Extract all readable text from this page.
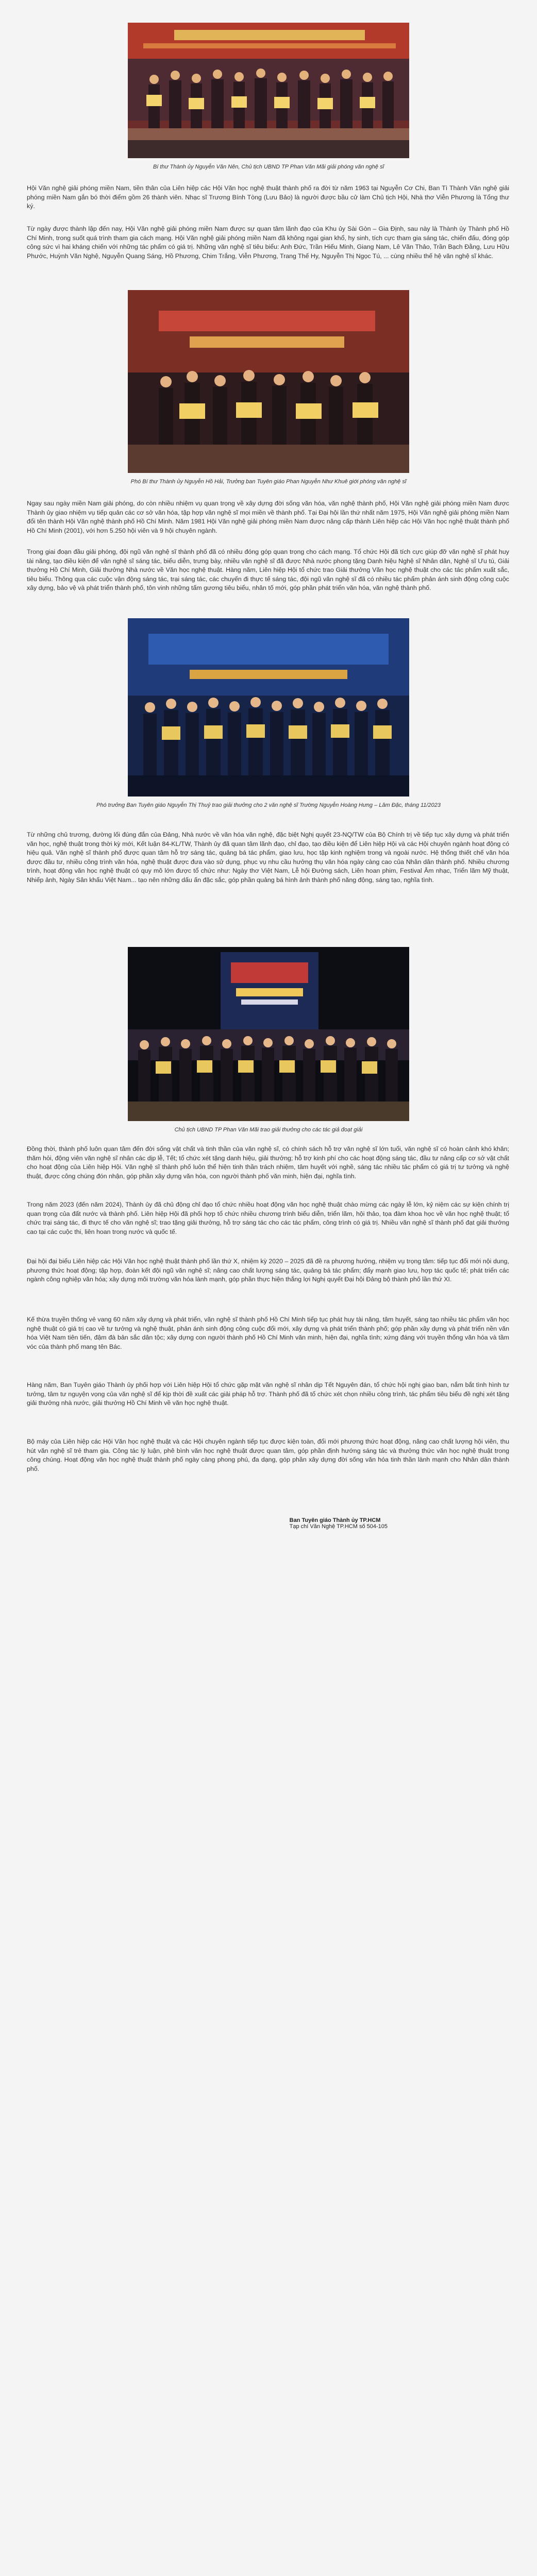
Bí thư Thành ủy Nguyễn Văn Nên, Chủ tịch UBND TP Phan Văn Mãi giải phóng văn nghệ sĩ

Hội Văn nghệ giải phóng miền Nam, tiền thân của Liên hiệp các Hội Văn học nghệ thuật thành phố ra đời từ năm 1963 tại Nguyễn Cơ Chi, Ban Tì Thành Văn nghệ giải phóng miền Nam gắn bó thời điểm gồm 26 thành viên. Nhạc sĩ Trương Bính Tòng (Lưu Bảo) là người được bầu cử làm Chủ tịch Hội, Nhà thơ Viễn Phương là Tổng thư ký.

Từ ngày được thành lập đến nay, Hội Văn nghệ giải phóng miền Nam được sự quan tâm lãnh đạo của Khu ủy Sài Gòn – Gia Định, sau này là Thành ủy Thành phố Hồ Chí Minh, trong suốt quá trình tham gia cách mạng. Hội Văn nghệ giải phóng miền Nam đã không ngại gian khổ, hy sinh, tích cực tham gia sáng tác, chiến đấu, đóng góp công sức vì hai kháng chiến với những tác phẩm có giá trị. Những văn nghệ sĩ tiêu biểu: Anh Đức, Trần Hiếu Minh, Giang Nam, Lê Văn Thảo, Trần Bạch Đằng, Lưu Hữu Phước, Huỳnh Văn Nghệ, Nguyễn Quang Sáng, Hồ Phương, Chim Trắng, Viễn Phương, Trang Thế Hy, Nguyễn Thị Ngọc Tú, ... cùng nhiều thế hệ văn nghệ sĩ khác.

Phó Bí thư Thành ủy Nguyễn Hồ Hải, Trưởng ban Tuyên giáo Phan Nguyễn Như Khuê giới phóng văn nghệ sĩ

Ngay sau ngày miền Nam giải phóng, do còn nhiều nhiệm vụ quan trọng về xây dựng đời sống văn hóa, văn nghệ thành phố, Hội Văn nghệ giải phóng miền Nam được Thành ủy giao nhiệm vụ tiếp quản các cơ sở văn hóa, tập hợp văn nghệ sĩ mọi miền về thành phố. Tại Đại hội lần thứ nhất năm 1975, Hội Văn nghệ giải phóng miền Nam đổi tên thành Hội Văn nghệ thành phố Hồ Chí Minh. Năm 1981 Hội Văn nghệ giải phóng miền Nam được nâng cấp thành Liên hiệp các Hội Văn học nghệ thuật thành phố Hồ Chí Minh (2001), với hơn 5.250 hội viên và 9 hội chuyên ngành.

Trong giai đoạn đầu giải phóng, đội ngũ văn nghệ sĩ thành phố đã có nhiều đóng góp quan trọng cho cách mạng. Tổ chức Hội đã tích cực giúp đỡ văn nghệ sĩ phát huy tài năng, tạo điều kiện để văn nghệ sĩ sáng tác, biểu diễn, trưng bày, nhiều văn nghệ sĩ đã được Nhà nước phong tặng Danh hiệu Nghệ sĩ Nhân dân, Nghệ sĩ Ưu tú, Giải thưởng Hồ Chí Minh, Giải thưởng Nhà nước về Văn học nghệ thuật. Hàng năm, Liên hiệp Hội tổ chức trao Giải thưởng Văn học nghệ thuật cho các tác phẩm xuất sắc, tiêu biểu. Thông qua các cuộc vận động sáng tác, trại sáng tác, các chuyến đi thực tế sáng tác, đội ngũ văn nghệ sĩ đã có nhiều tác phẩm phản ánh sinh động công cuộc xây dựng, bảo vệ và phát triển thành phố, tôn vinh những tấm gương tiêu biểu, nhân tố mới, góp phần phát triển văn hóa, văn nghệ thành phố.

Phó trưởng Ban Tuyên giáo Nguyễn Thị Thuỷ trao giải thưởng cho 2 văn nghệ sĩ Trường Nguyễn Hoàng Hưng – Lâm Đặc, tháng 11/2023

Từ những chủ trương, đường lối đúng đắn của Đảng, Nhà nước về văn hóa văn nghệ, đặc biệt Nghị quyết 23-NQ/TW của Bộ Chính trị về tiếp tục xây dựng và phát triển văn học, nghệ thuật trong thời kỳ mới, Kết luận 84-KL/TW, Thành ủy đã quan tâm lãnh đạo, chỉ đạo, tạo điều kiện để Liên hiệp Hội và các Hội chuyên ngành hoạt động có hiệu quả. Văn nghệ sĩ thành phố được quan tâm hỗ trợ sáng tác, quảng bá tác phẩm, giao lưu, học tập kinh nghiệm trong và ngoài nước. Hệ thống thiết chế văn hóa được đầu tư, nhiều công trình văn hóa, nghệ thuật được đưa vào sử dụng, phục vụ nhu cầu hưởng thụ văn hóa ngày càng cao của Nhân dân thành phố. Nhiều chương trình, hoạt động văn học nghệ thuật có quy mô lớn được tổ chức như: Ngày thơ Việt Nam, Lễ hội Đường sách, Liên hoan phim, Festival Âm nhạc, Triển lãm Mỹ thuật, Nhiếp ảnh, Ngày Sân khấu Việt Nam... tạo nên những dấu ấn đặc sắc, góp phần quảng bá hình ảnh thành phố năng động, sáng tạo, nghĩa tình.

Chủ tịch UBND TP Phan Văn Mãi trao giải thưởng cho các tác giả đoạt giải

Đồng thời, thành phố luôn quan tâm đến đời sống vật chất và tinh thần của văn nghệ sĩ, có chính sách hỗ trợ văn nghệ sĩ lớn tuổi, văn nghệ sĩ có hoàn cảnh khó khăn; thăm hỏi, động viên văn nghệ sĩ nhân các dịp lễ, Tết; tổ chức xét tặng danh hiệu, giải thưởng; hỗ trợ kinh phí cho các hoạt động sáng tác, đầu tư nâng cấp cơ sở vật chất cho hoạt động của Liên hiệp Hội. Văn nghệ sĩ thành phố luôn thể hiện tinh thần trách nhiệm, tâm huyết với nghề, sáng tác nhiều tác phẩm có giá trị tư tưởng và nghệ thuật, được công chúng đón nhận, góp phần xây dựng văn hóa, con người thành phố văn minh, hiện đại, nghĩa tình.

Trong năm 2023 (đến năm 2024), Thành ủy đã chủ động chỉ đạo tổ chức nhiều hoạt động văn học nghệ thuật chào mừng các ngày lễ lớn, kỷ niệm các sự kiện chính trị quan trọng của đất nước và thành phố. Liên hiệp Hội đã phối hợp tổ chức nhiều chương trình biểu diễn, triển lãm, hội thảo, tọa đàm khoa học về văn học nghệ thuật; tổ chức trại sáng tác, đi thực tế cho văn nghệ sĩ; trao tặng giải thưởng, hỗ trợ sáng tác cho các tác phẩm, công trình có giá trị. Nhiều văn nghệ sĩ thành phố đạt giải thưởng cao tại các cuộc thi, liên hoan trong nước và quốc tế.

Đại hội đại biểu Liên hiệp các Hội Văn học nghệ thuật thành phố lần thứ X, nhiệm kỳ 2020 – 2025 đã đề ra phương hướng, nhiệm vụ trọng tâm: tiếp tục đổi mới nội dung, phương thức hoạt động; tập hợp, đoàn kết đội ngũ văn nghệ sĩ; nâng cao chất lượng sáng tác, quảng bá tác phẩm; đẩy mạnh giao lưu, hợp tác quốc tế; phát triển các ngành công nghiệp văn hóa; xây dựng môi trường văn hóa lành mạnh, góp phần thực hiện thắng lợi Nghị quyết Đại hội Đảng bộ thành phố lần thứ XI.

Kế thừa truyền thống vẻ vang 60 năm xây dựng và phát triển, văn nghệ sĩ thành phố Hồ Chí Minh tiếp tục phát huy tài năng, tâm huyết, sáng tạo nhiều tác phẩm văn học nghệ thuật có giá trị cao về tư tưởng và nghệ thuật, phản ánh sinh động công cuộc đổi mới, xây dựng và phát triển thành phố; góp phần xây dựng và phát triển nền văn hóa Việt Nam tiên tiến, đậm đà bản sắc dân tộc; xây dựng con người thành phố Hồ Chí Minh văn minh, hiện đại, nghĩa tình; xứng đáng với truyền thống văn hóa và tầm vóc của thành phố mang tên Bác.

Hàng năm, Ban Tuyên giáo Thành ủy phối hợp với Liên hiệp Hội tổ chức gặp mặt văn nghệ sĩ nhân dịp Tết Nguyên đán, tổ chức hội nghị giao ban, nắm bắt tình hình tư tưởng, tâm tư nguyện vọng của văn nghệ sĩ để kịp thời đề xuất các giải pháp hỗ trợ. Thành phố đã tổ chức xét chọn nhiều công trình, tác phẩm tiêu biểu đề nghị xét tặng giải thưởng nhà nước, giải thưởng Hồ Chí Minh về văn học nghệ thuật.

Bộ máy của Liên hiệp các Hội Văn học nghệ thuật và các Hội chuyên ngành tiếp tục được kiện toàn, đổi mới phương thức hoạt động, nâng cao chất lượng hội viên, thu hút văn nghệ sĩ trẻ tham gia. Công tác lý luận, phê bình văn học nghệ thuật được quan tâm, góp phần định hướng sáng tác và thưởng thức văn học nghệ thuật trong công chúng. Hoạt động văn học nghệ thuật thành phố ngày càng phong phú, đa dạng, góp phần xây dựng đời sống văn hóa tinh thần lành mạnh cho Nhân dân thành phố.

Ban Tuyên giáo Thành ủy TP.HCM
Tạp chí Văn Nghệ TP.HCM số 504-105
